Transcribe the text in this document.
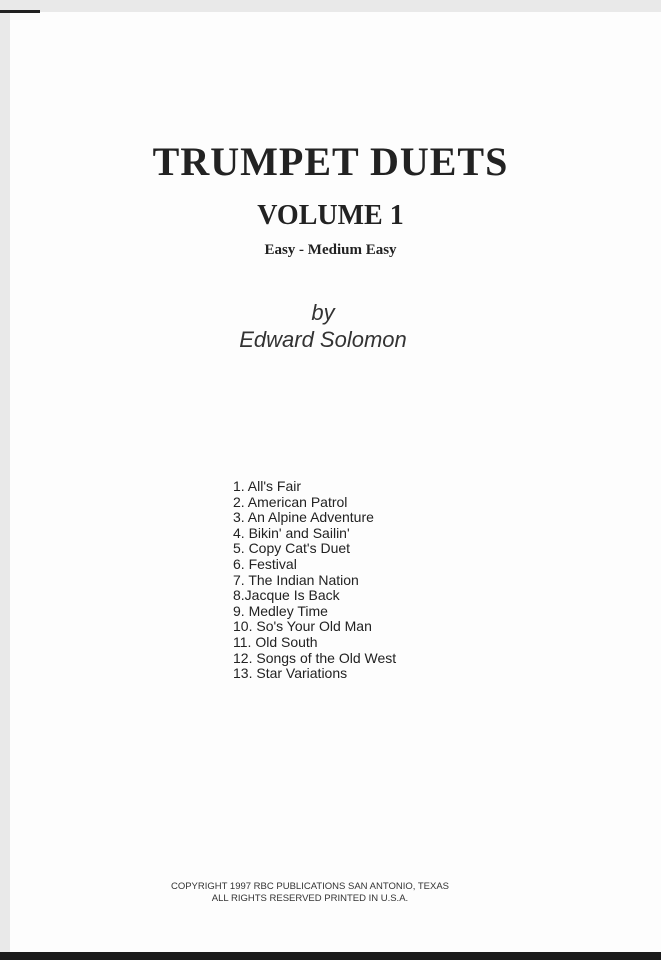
TRUMPET DUETS
VOLUME 1
Easy - Medium Easy
by
Edward Solomon
1. All's Fair
2. American Patrol
3. An Alpine Adventure
4. Bikin' and Sailin'
5. Copy Cat's Duet
6. Festival
7. The Indian Nation
8.Jacque Is Back
9. Medley Time
10. So's Your Old Man
11. Old South
12. Songs of the Old West
13. Star Variations
COPYRIGHT 1997 RBC PUBLICATIONS SAN ANTONIO, TEXAS
ALL RIGHTS RESERVED PRINTED IN U.S.A.
